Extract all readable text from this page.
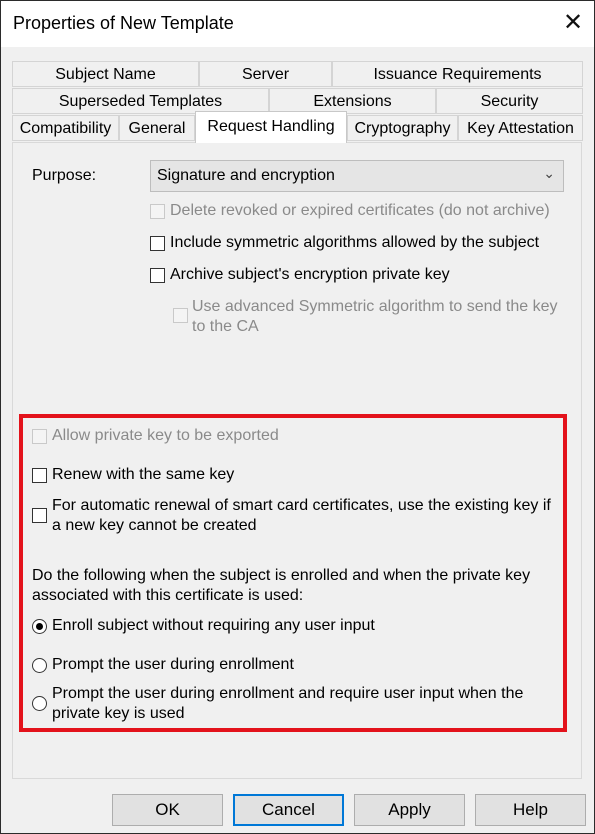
Properties of New Template	✕
Subject Name	Server	Issuance Requirements
Superseded Templates	Extensions	Security
Compatibility	General	Request Handling	Cryptography	Key Attestation
Purpose:	Signature and encryption	⌄
Delete revoked or expired certificates (do not archive)
Include symmetric algorithms allowed by the subject
Archive subject's encryption private key
Use advanced Symmetric algorithm to send the key to the CA
Allow private key to be exported
Renew with the same key
For automatic renewal of smart card certificates, use the existing key if a new key cannot be created
Do the following when the subject is enrolled and when the private key associated with this certificate is used:
Enroll subject without requiring any user input
Prompt the user during enrollment
Prompt the user during enrollment and require user input when the private key is used
OK	Cancel	Apply	Help
